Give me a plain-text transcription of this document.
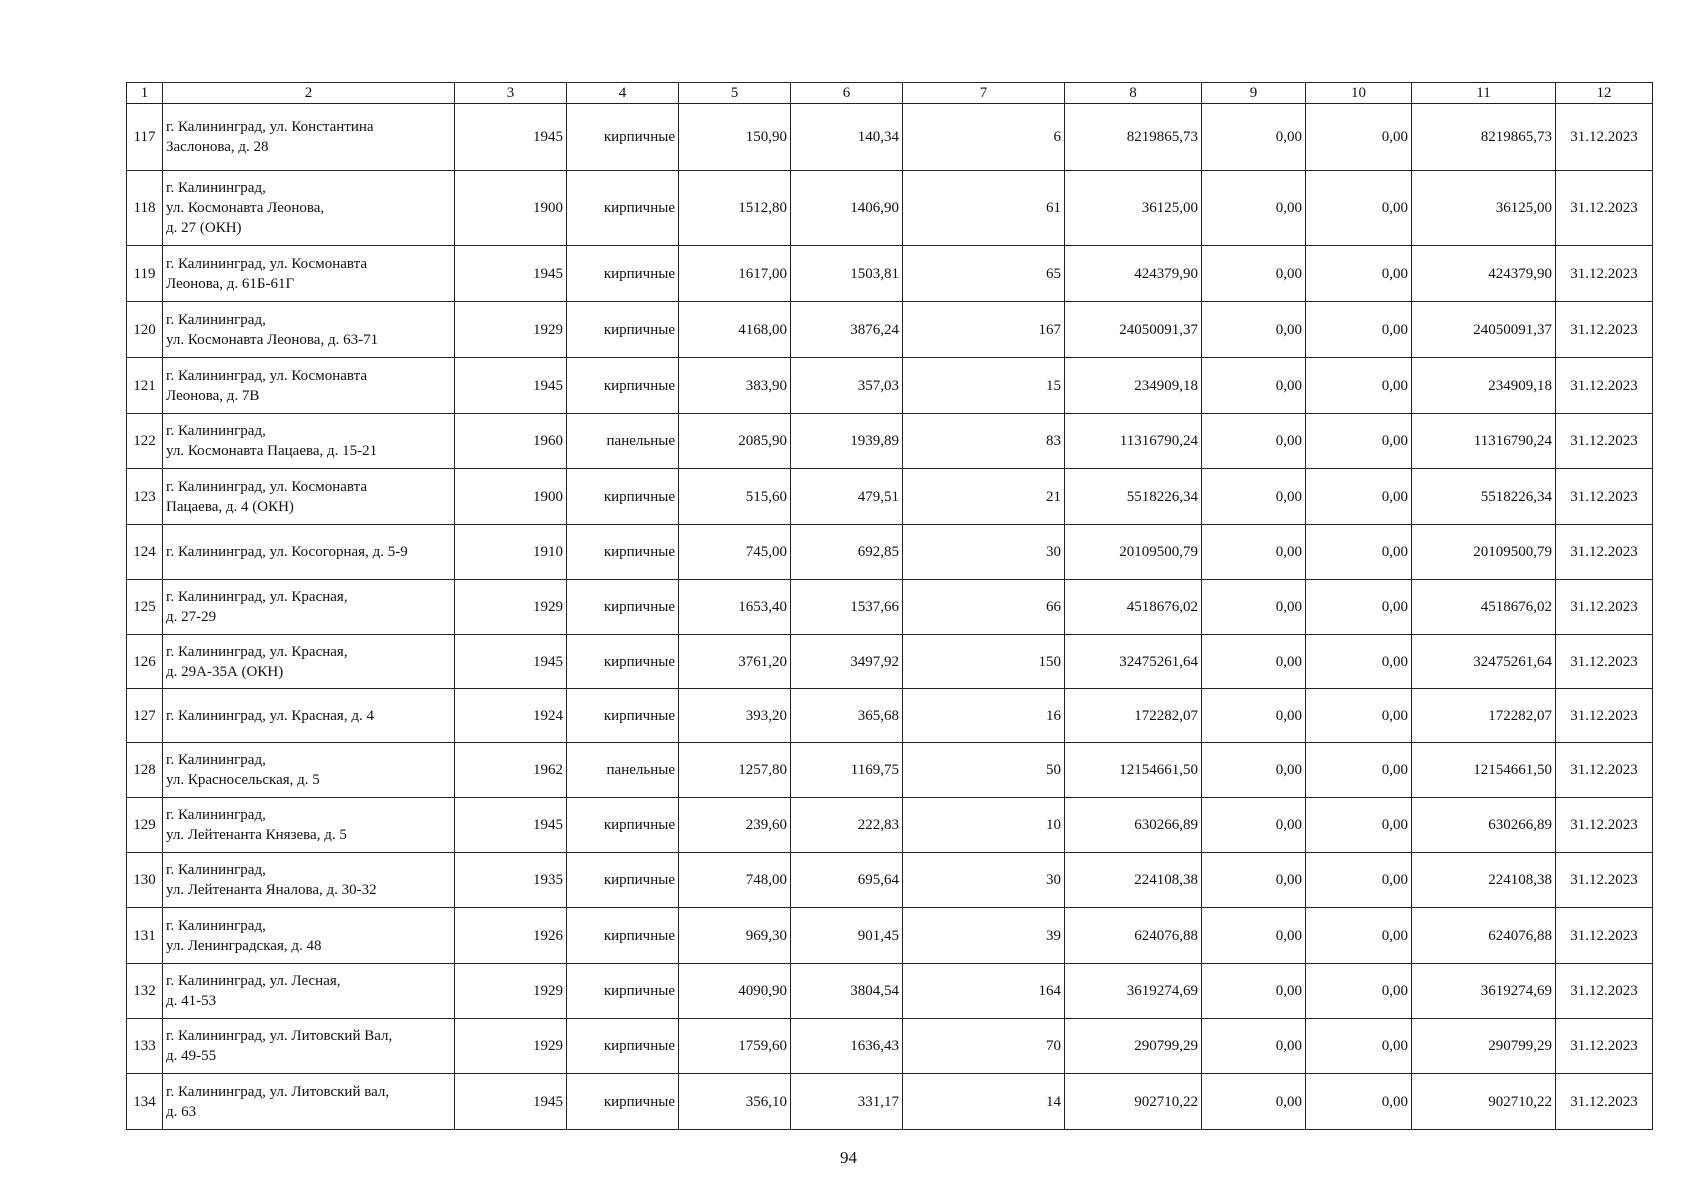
1	2	3	4	5	6	7	8	9	10	11	12
117	г. Калининград, ул. Константина
Заслонова, д. 28	1945	кирпичные	150,90	140,34	6	8219865,73	0,00	0,00	8219865,73	31.12.2023
118	г. Калининград,
ул. Космонавта Леонова,
д. 27 (ОКН)	1900	кирпичные	1512,80	1406,90	61	36125,00	0,00	0,00	36125,00	31.12.2023
119	г. Калининград, ул. Космонавта
Леонова, д. 61Б-61Г	1945	кирпичные	1617,00	1503,81	65	424379,90	0,00	0,00	424379,90	31.12.2023
120	г. Калининград,
ул. Космонавта Леонова, д. 63-71	1929	кирпичные	4168,00	3876,24	167	24050091,37	0,00	0,00	24050091,37	31.12.2023
121	г. Калининград, ул. Космонавта
Леонова, д. 7В	1945	кирпичные	383,90	357,03	15	234909,18	0,00	0,00	234909,18	31.12.2023
122	г. Калининград,
ул. Космонавта Пацаева, д. 15-21	1960	панельные	2085,90	1939,89	83	11316790,24	0,00	0,00	11316790,24	31.12.2023
123	г. Калининград, ул. Космонавта
Пацаева, д. 4 (ОКН)	1900	кирпичные	515,60	479,51	21	5518226,34	0,00	0,00	5518226,34	31.12.2023
124	г. Калининград, ул. Косогорная, д. 5-9	1910	кирпичные	745,00	692,85	30	20109500,79	0,00	0,00	20109500,79	31.12.2023
125	г. Калининград, ул. Красная,
д. 27-29	1929	кирпичные	1653,40	1537,66	66	4518676,02	0,00	0,00	4518676,02	31.12.2023
126	г. Калининград, ул. Красная,
д. 29А-35А (ОКН)	1945	кирпичные	3761,20	3497,92	150	32475261,64	0,00	0,00	32475261,64	31.12.2023
127	г. Калининград, ул. Красная, д. 4	1924	кирпичные	393,20	365,68	16	172282,07	0,00	0,00	172282,07	31.12.2023
128	г. Калининград,
ул. Красносельская, д. 5	1962	панельные	1257,80	1169,75	50	12154661,50	0,00	0,00	12154661,50	31.12.2023
129	г. Калининград,
ул. Лейтенанта Князева, д. 5	1945	кирпичные	239,60	222,83	10	630266,89	0,00	0,00	630266,89	31.12.2023
130	г. Калининград,
ул. Лейтенанта Яналова, д. 30-32	1935	кирпичные	748,00	695,64	30	224108,38	0,00	0,00	224108,38	31.12.2023
131	г. Калининград,
ул. Ленинградская, д. 48	1926	кирпичные	969,30	901,45	39	624076,88	0,00	0,00	624076,88	31.12.2023
132	г. Калининград, ул. Лесная,
д. 41-53	1929	кирпичные	4090,90	3804,54	164	3619274,69	0,00	0,00	3619274,69	31.12.2023
133	г. Калининград, ул. Литовский Вал,
д. 49-55	1929	кирпичные	1759,60	1636,43	70	290799,29	0,00	0,00	290799,29	31.12.2023
134	г. Калининград, ул. Литовский вал,
д. 63	1945	кирпичные	356,10	331,17	14	902710,22	0,00	0,00	902710,22	31.12.2023
94
